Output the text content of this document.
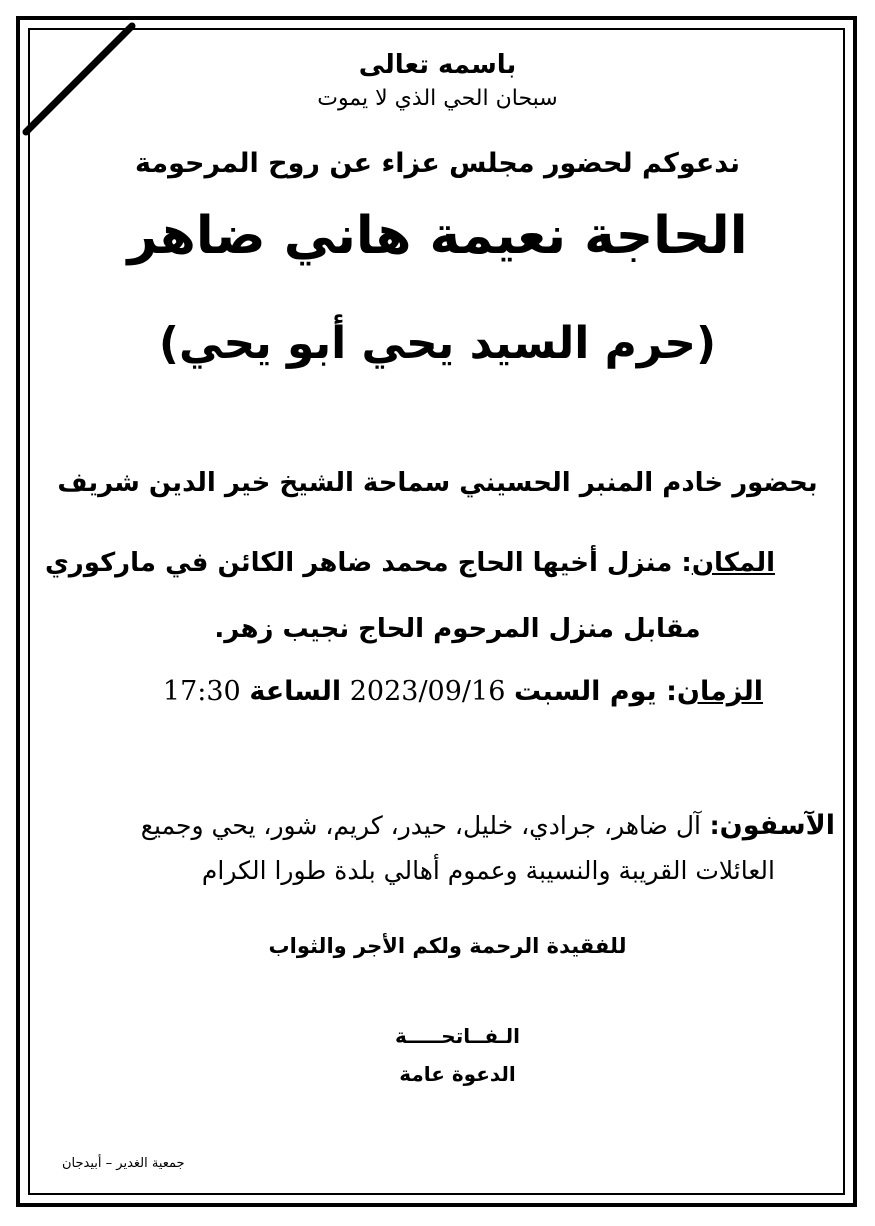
باسمه تعالى
سبحان الحي الذي لا يموت
ندعوكم لحضور مجلس عزاء عن روح المرحومة
الحاجة نعيمة هاني ضاهر
(حرم السيد يحي أبو يحي)
بحضور خادم المنبر الحسيني سماحة الشيخ خير الدين شريف
المكان: منزل أخيها الحاج محمد ضاهر الكائن في ماركوري
مقابل منزل المرحوم الحاج نجيب زهر.
الزمان: يوم السبت 2023/09/16 الساعة 17:30
الآسفون: آل ضاهر، جرادي، خليل، حيدر، كريم، شور، يحي وجميع
العائلات القريبة والنسيبة وعموم أهالي بلدة طورا الكرام
للفقيدة الرحمة ولكم الأجر والثواب
الـفــاتحـــــة
الدعوة عامة
جمعية الغدير – أبيدجان
